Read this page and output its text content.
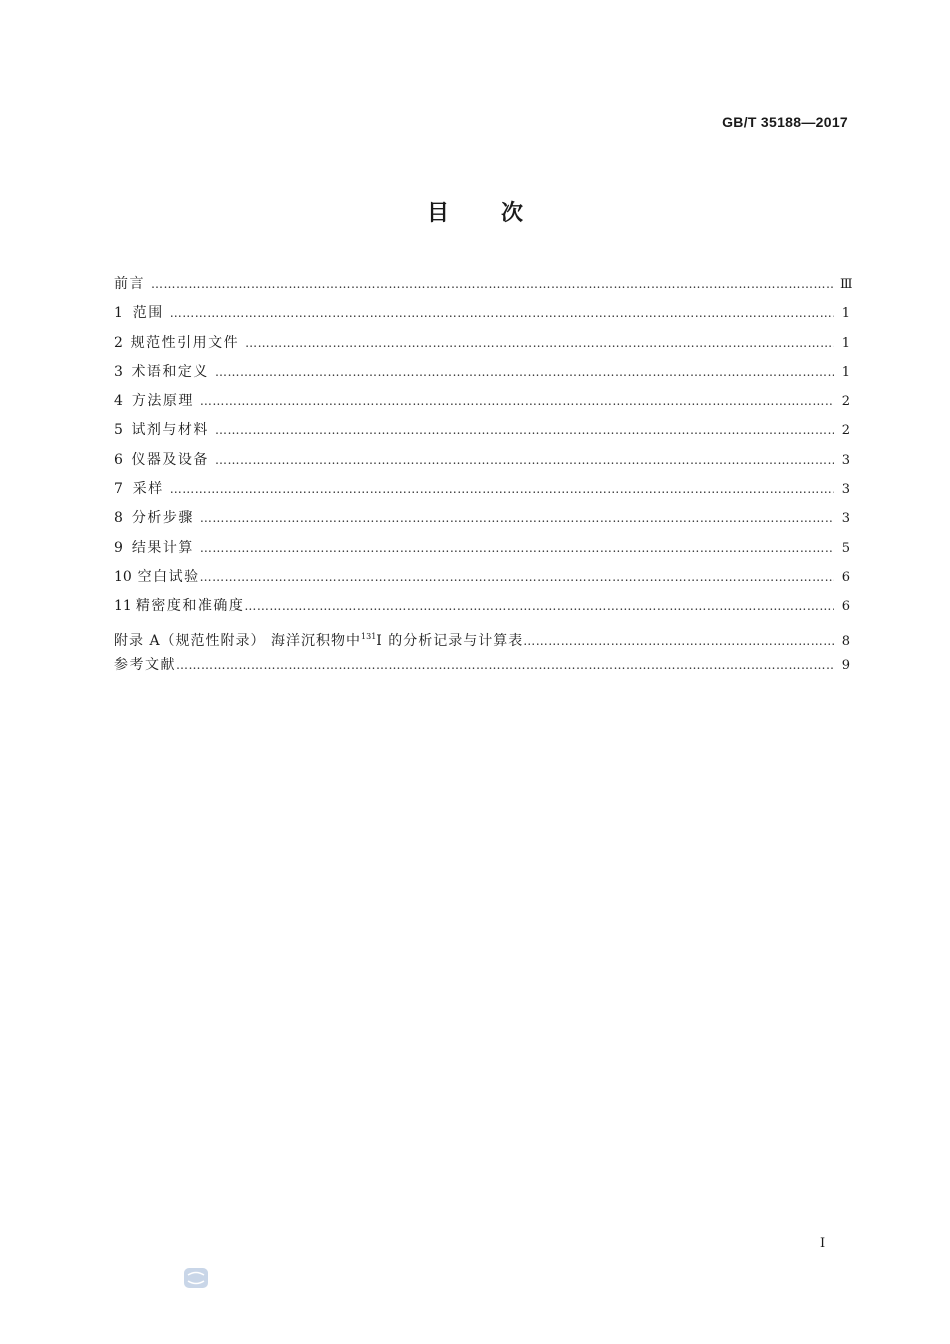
GB/T 35188—2017
目次
前言 ……………………………………………………………………………………………………………………………………………………………………………………………	Ⅲ
1 范围 ……………………………………………………………………………………………………………………………………………………………………………………………	1
2 规范性引用文件 ……………………………………………………………………………………………………………………………………………………………………………………………	1
3 术语和定义 ……………………………………………………………………………………………………………………………………………………………………………………………	1
4 方法原理 ……………………………………………………………………………………………………………………………………………………………………………………………	2
5 试剂与材料 ……………………………………………………………………………………………………………………………………………………………………………………………	2
6 仪器及设备 ……………………………………………………………………………………………………………………………………………………………………………………………	3
7 采样 ……………………………………………………………………………………………………………………………………………………………………………………………	3
8 分析步骤 ……………………………………………………………………………………………………………………………………………………………………………………………	3
9 结果计算 ……………………………………………………………………………………………………………………………………………………………………………………………	5
10 空白试验 ……………………………………………………………………………………………………………………………………………………………………………………………	6
11 精密度和准确度 ……………………………………………………………………………………………………………………………………………………………………………………………	6
附录 A（规范性附录） 海洋沉积物中$^{131}$I 的分析记录与计算表 ……………………………………………………………………………………………………………………………………………………………………………………………	8
参考文献 ……………………………………………………………………………………………………………………………………………………………………………………………	9
I
